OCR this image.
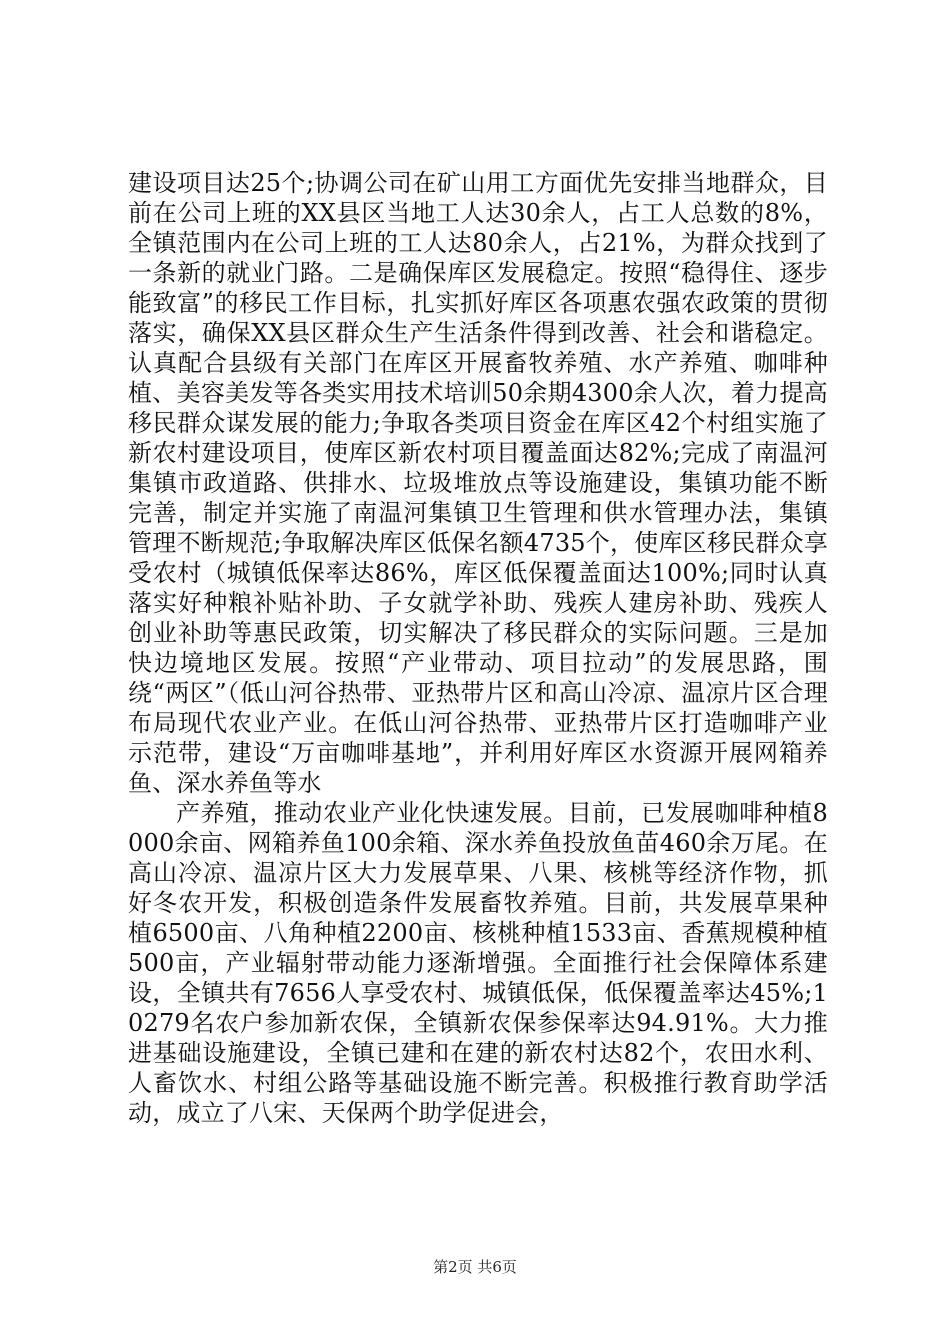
建设项目达25个;协调公司在矿山用工方面优先安排当地群众，目前在公司上班的XX县区当地工人达30余人，占工人总数的8%，全镇范围内在公司上班的工人达80余人，占21%，为群众找到了一条新的就业门路。二是确保库区发展稳定。按照“稳得住、逐步能致富”的移民工作目标，扎实抓好库区各项惠农强农政策的贯彻落实，确保XX县区群众生产生活条件得到改善、社会和谐稳定。认真配合县级有关部门在库区开展畜牧养殖、水产养殖、咖啡种植、美容美发等各类实用技术培训50余期4300余人次，着力提高移民群众谋发展的能力;争取各类项目资金在库区42个村组实施了新农村建设项目，使库区新农村项目覆盖面达82%;完成了南温河集镇市政道路、供排水、垃圾堆放点等设施建设，集镇功能不断完善，制定并实施了南温河集镇卫生管理和供水管理办法，集镇管理不断规范;争取解决库区低保名额4735个，使库区移民群众享受农村（城镇低保率达86%，库区低保覆盖面达100%;同时认真落实好种粮补贴补助、子女就学补助、残疾人建房补助、残疾人创业补助等惠民政策，切实解决了移民群众的实际问题。三是加快边境地区发展。按照“产业带动、项目拉动”的发展思路，围绕“两区”（低山河谷热带、亚热带片区和高山冷凉、温凉片区合理布局现代农业产业。在低山河谷热带、亚热带片区打造咖啡产业示范带，建设“万亩咖啡基地”，并利用好库区水资源开展网箱养鱼、深水养鱼等水

产养殖，推动农业产业化快速发展。目前，已发展咖啡种植8000余亩、网箱养鱼100余箱、深水养鱼投放鱼苗460余万尾。在高山冷凉、温凉片区大力发展草果、八果、核桃等经济作物，抓好冬农开发，积极创造条件发展畜牧养殖。目前，共发展草果种植6500亩、八角种植2200亩、核桃种植1533亩、香蕉规模种植500亩，产业辐射带动能力逐渐增强。全面推行社会保障体系建设，全镇共有7656人享受农村、城镇低保，低保覆盖率达45%;10279名农户参加新农保，全镇新农保参保率达94.91%。大力推进基础设施建设，全镇已建和在建的新农村达82个，农田水利、人畜饮水、村组公路等基础设施不断完善。积极推行教育助学活动，成立了八宋、天保两个助学促进会，

第2页 共6页
